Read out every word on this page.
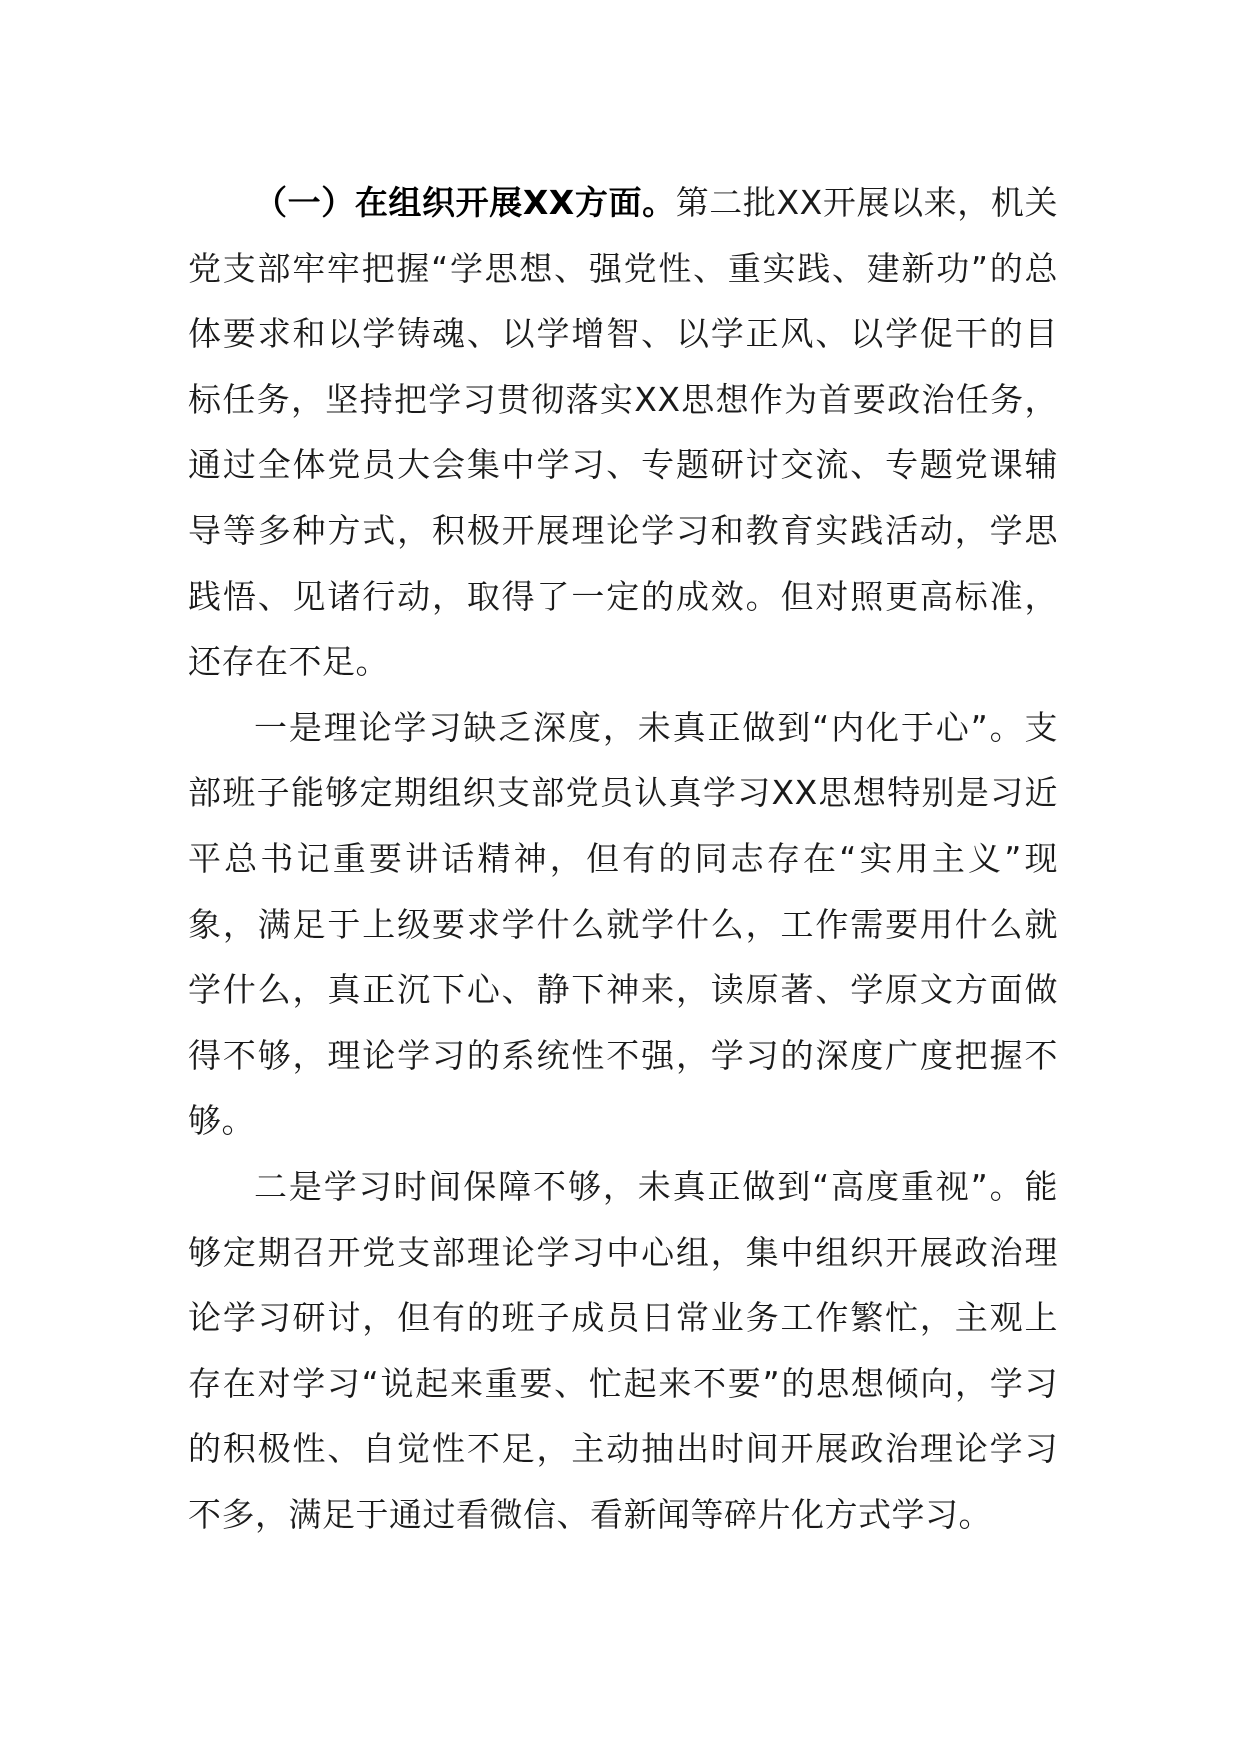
（一）在组织开展XX方面。第二批XX开展以来，机关党支部牢牢把握“学思想、强党性、重实践、建新功”的总体要求和以学铸魂、以学增智、以学正风、以学促干的目标任务，坚持把学习贯彻落实XX思想作为首要政治任务，通过全体党员大会集中学习、专题研讨交流、专题党课辅导等多种方式，积极开展理论学习和教育实践活动，学思践悟、见诸行动，取得了一定的成效。但对照更高标准，还存在不足。

一是理论学习缺乏深度，未真正做到“内化于心”。支部班子能够定期组织支部党员认真学习XX思想特别是习近平总书记重要讲话精神，但有的同志存在“实用主义”现象，满足于上级要求学什么就学什么，工作需要用什么就学什么，真正沉下心、静下神来，读原著、学原文方面做得不够，理论学习的系统性不强，学习的深度广度把握不够。

二是学习时间保障不够，未真正做到“高度重视”。能够定期召开党支部理论学习中心组，集中组织开展政治理论学习研讨，但有的班子成员日常业务工作繁忙，主观上存在对学习“说起来重要、忙起来不要”的思想倾向，学习的积极性、自觉性不足，主动抽出时间开展政治理论学习不多，满足于通过看微信、看新闻等碎片化方式学习。
